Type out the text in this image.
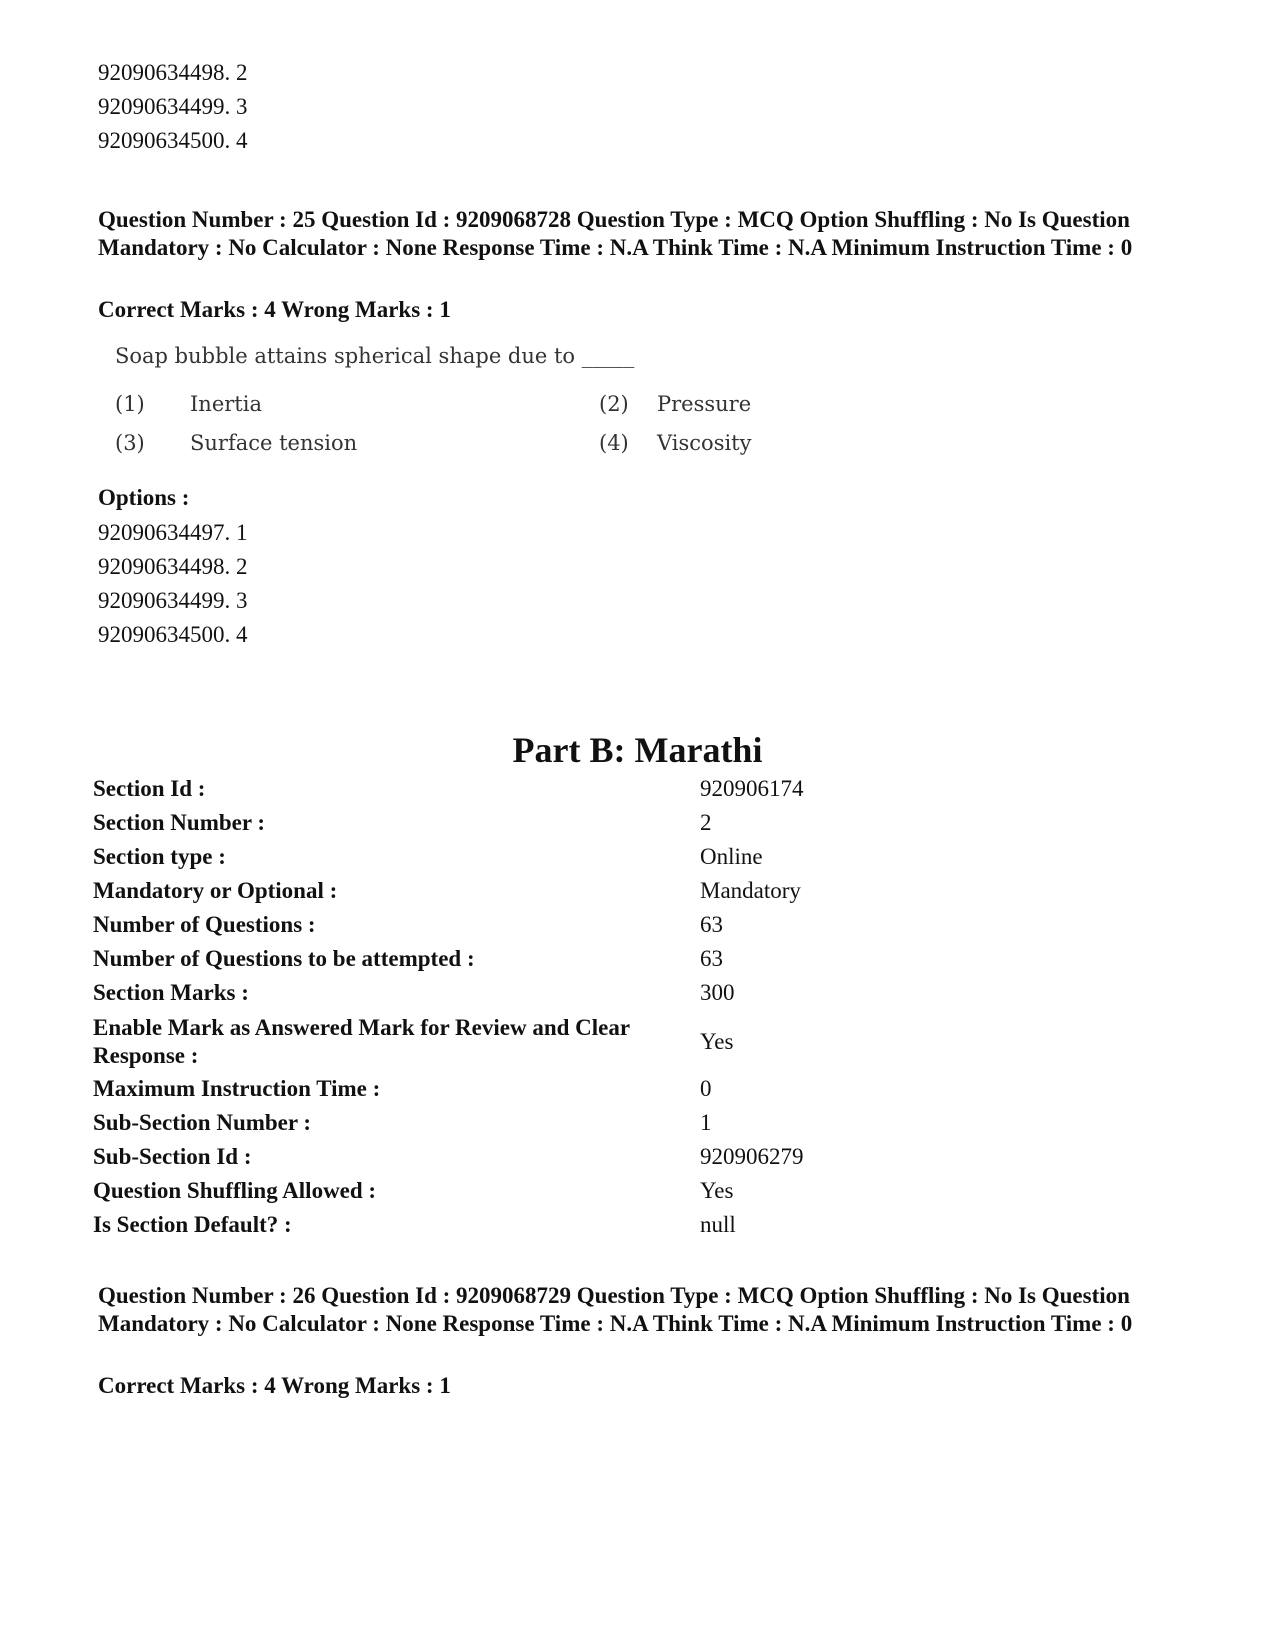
92090634498. 2
92090634499. 3
92090634500. 4
Question Number : 25 Question Id : 9209068728 Question Type : MCQ Option Shuffling : No Is Question Mandatory : No Calculator : None Response Time : N.A Think Time : N.A Minimum Instruction Time : 0
Correct Marks : 4 Wrong Marks : 1
Soap bubble attains spherical shape due to _____
(1) Inertia	(2) Pressure
(3) Surface tension	(4) Viscosity
Options :
92090634497. 1
92090634498. 2
92090634499. 3
92090634500. 4
Part B: Marathi
Section Id :	920906174
Section Number :	2
Section type :	Online
Mandatory or Optional :	Mandatory
Number of Questions :	63
Number of Questions to be attempted :	63
Section Marks :	300
Enable Mark as Answered Mark for Review and Clear Response :
Yes
Maximum Instruction Time :	0
Sub-Section Number :	1
Sub-Section Id :	920906279
Question Shuffling Allowed :	Yes
Is Section Default? :	null
Question Number : 26 Question Id : 9209068729 Question Type : MCQ Option Shuffling : No Is Question Mandatory : No Calculator : None Response Time : N.A Think Time : N.A Minimum Instruction Time : 0
Correct Marks : 4 Wrong Marks : 1
